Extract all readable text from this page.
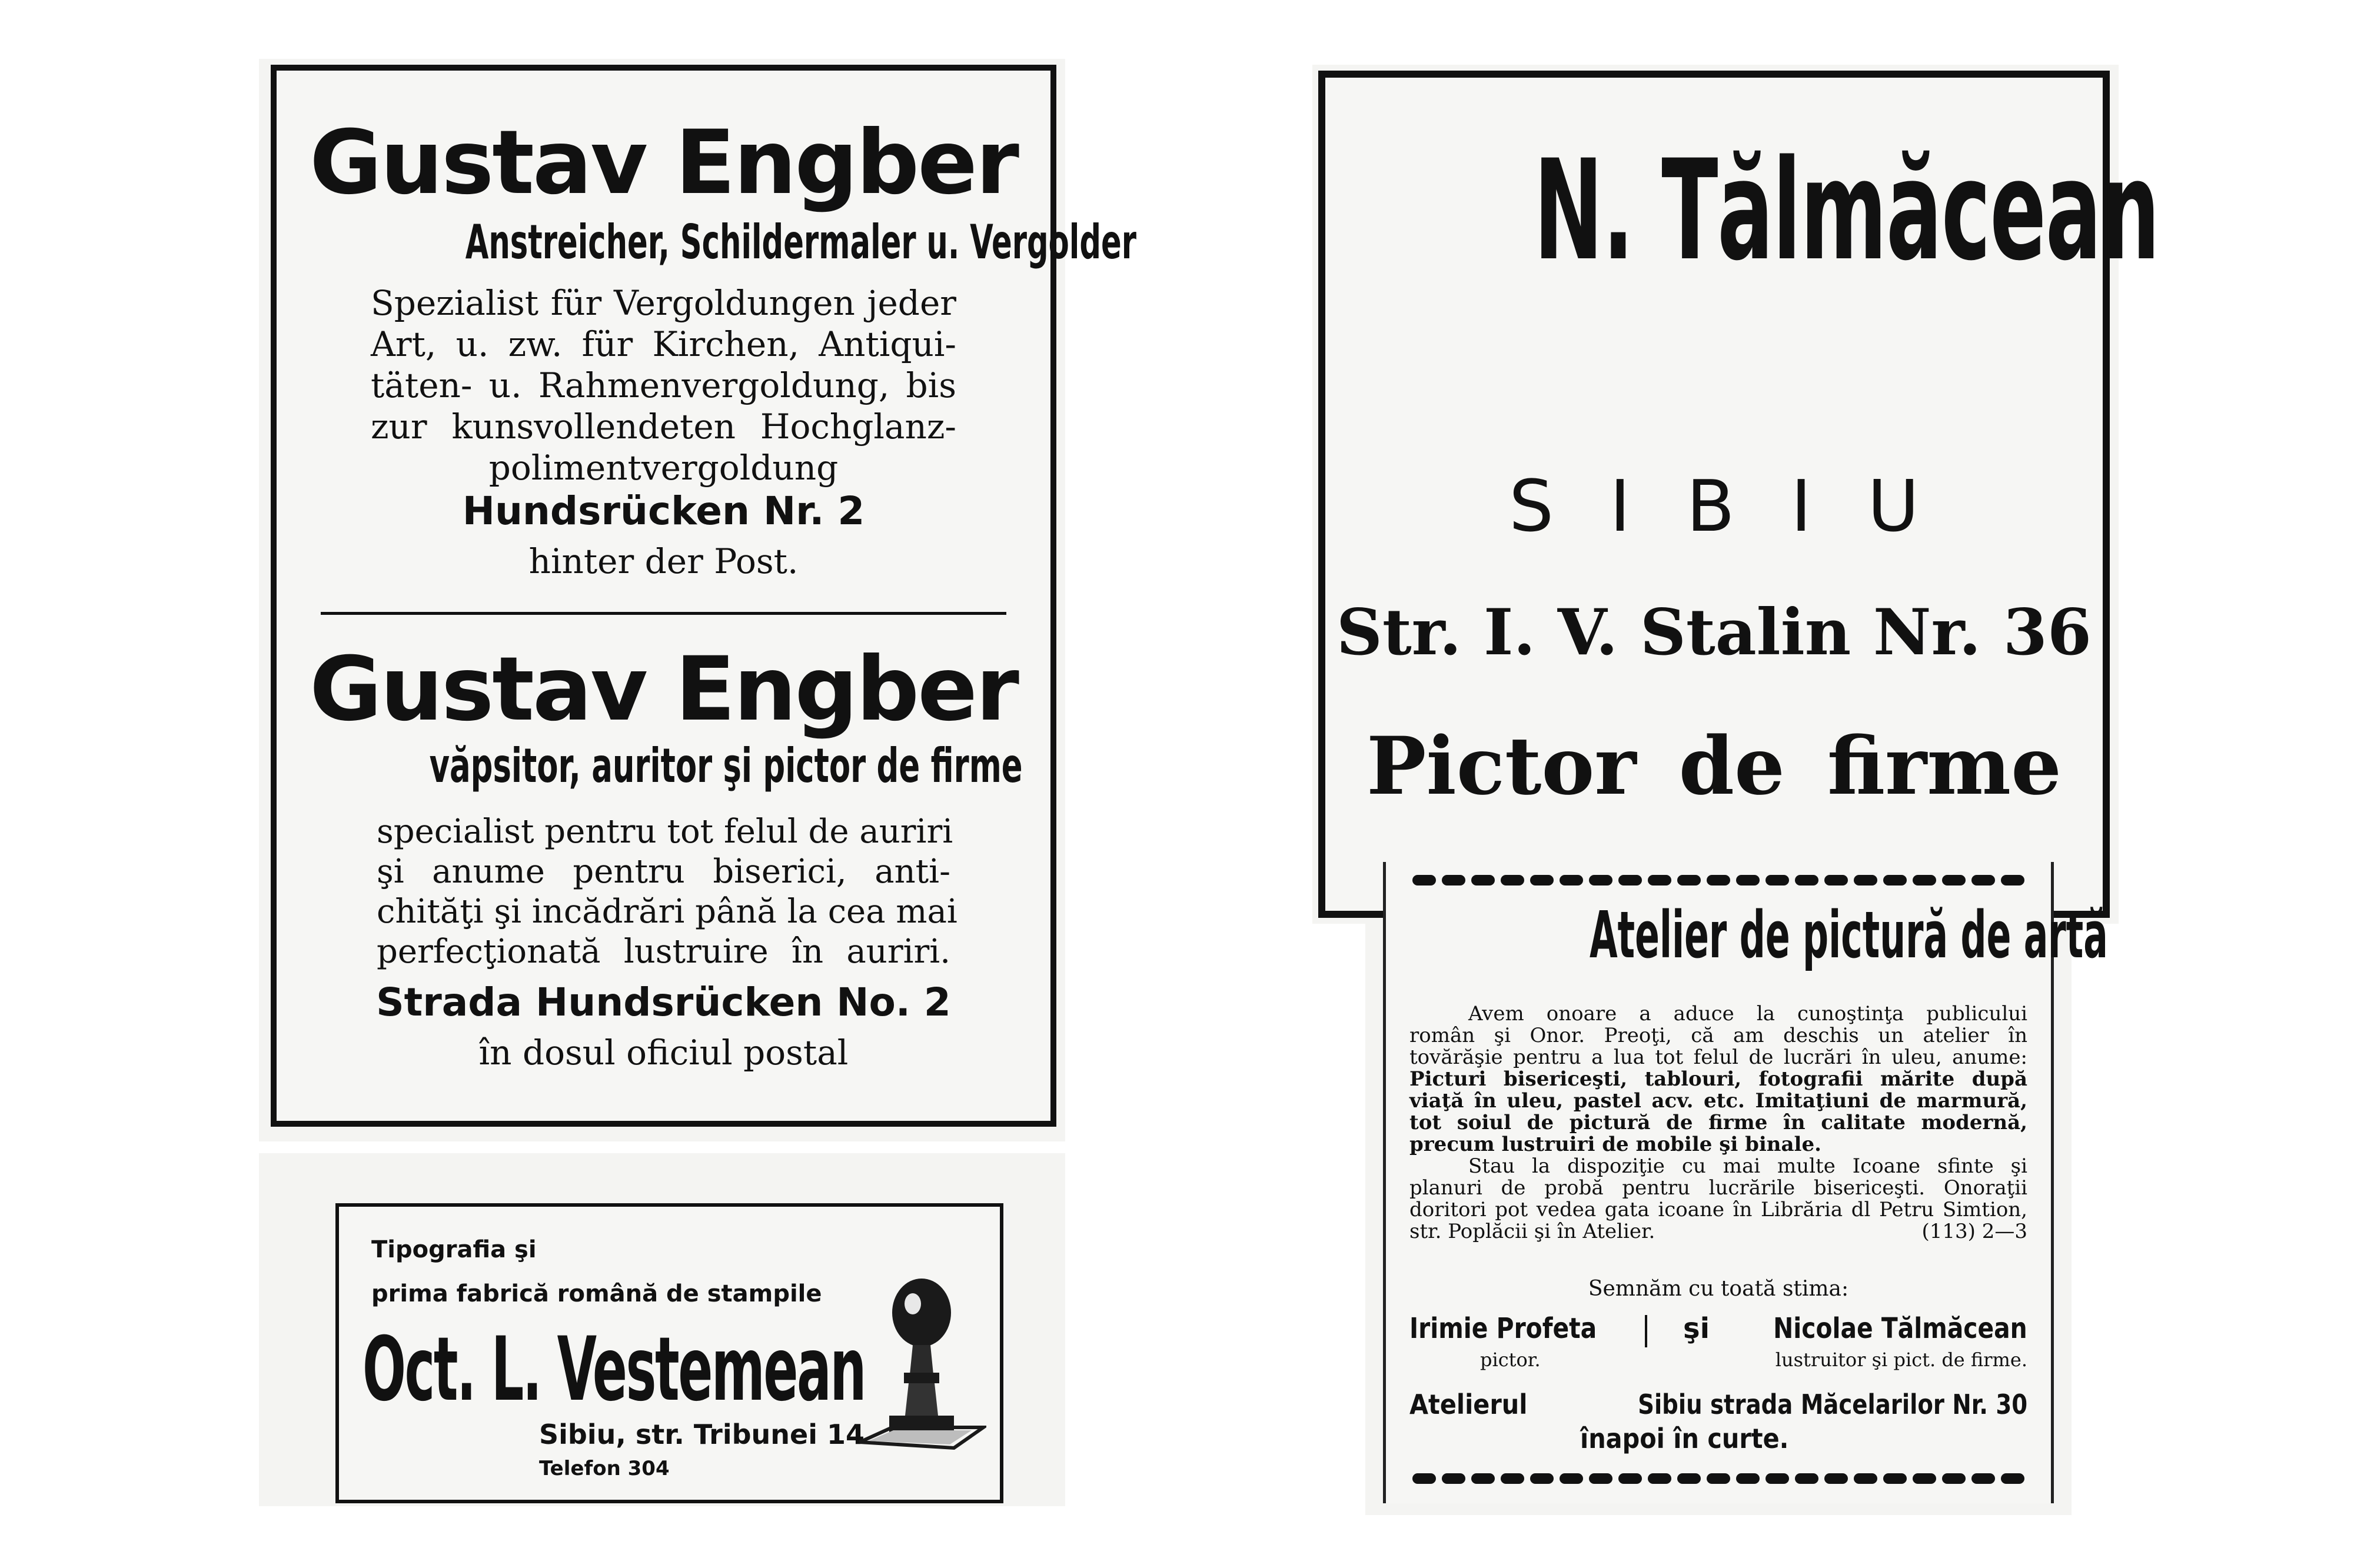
Gustav Engber
Anstreicher, Schildermaler u. Vergolder

Spezialist für Vergoldungen jeder

Art, u. zw. für Kirchen, Antiqui-

täten- u. Rahmenvergoldung, bis

zur kunsvollendeten Hochglanz-

polimentvergoldung

Hundsrücken Nr. 2
hinter der Post.
Gustav Engber
văpsitor, auritor şi pictor de firme

specialist pentru tot felul de auriri

şi anume pentru biserici, anti-

chităţi şi incădrări până la cea mai

perfecţionată lustruire în auriri.

Strada Hundsrücken No. 2
în dosul oficiul postal
Tipografia şi
prima fabrică română de stampile
Oct. L. Vestemean
Sibiu, str. Tribunei 14
Telefon 304
N. Tălmăcean
SIBIU
Str. I. V. Stalin Nr. 36
Pictor de firme
Atelier de pictură de artă

Avem onoare a aduce la cunoştinţa publicului

român şi Onor. Preoţi, că am deschis un atelier în

tovărăşie pentru a lua tot felul de lucrări în uleu, anume:

Picturi bisericeşti, tablouri, fotografii mărite după

viaţă în uleu, pastel acv. etc. Imitaţiuni de marmură,

tot soiul de pictură de firme în calitate modernă,

precum lustruiri de mobile şi binale.

Stau la dispoziţie cu mai multe Icoane sfinte şi

planuri de probă pentru lucrările bisericeşti. Onoraţii

doritori pot vedea gata icoane în Librăria dl Petru Simtion,

str. Poplăcii şi în Atelier.	(113) 2—3
Semnăm cu toată stima:
Irimie Profeta
pictor.
şi Nicolae Tălmăcean
lustruitor şi pict. de firme.
Atelierul	Sibiu strada Măcelarilor Nr. 30
înapoi în curte.
